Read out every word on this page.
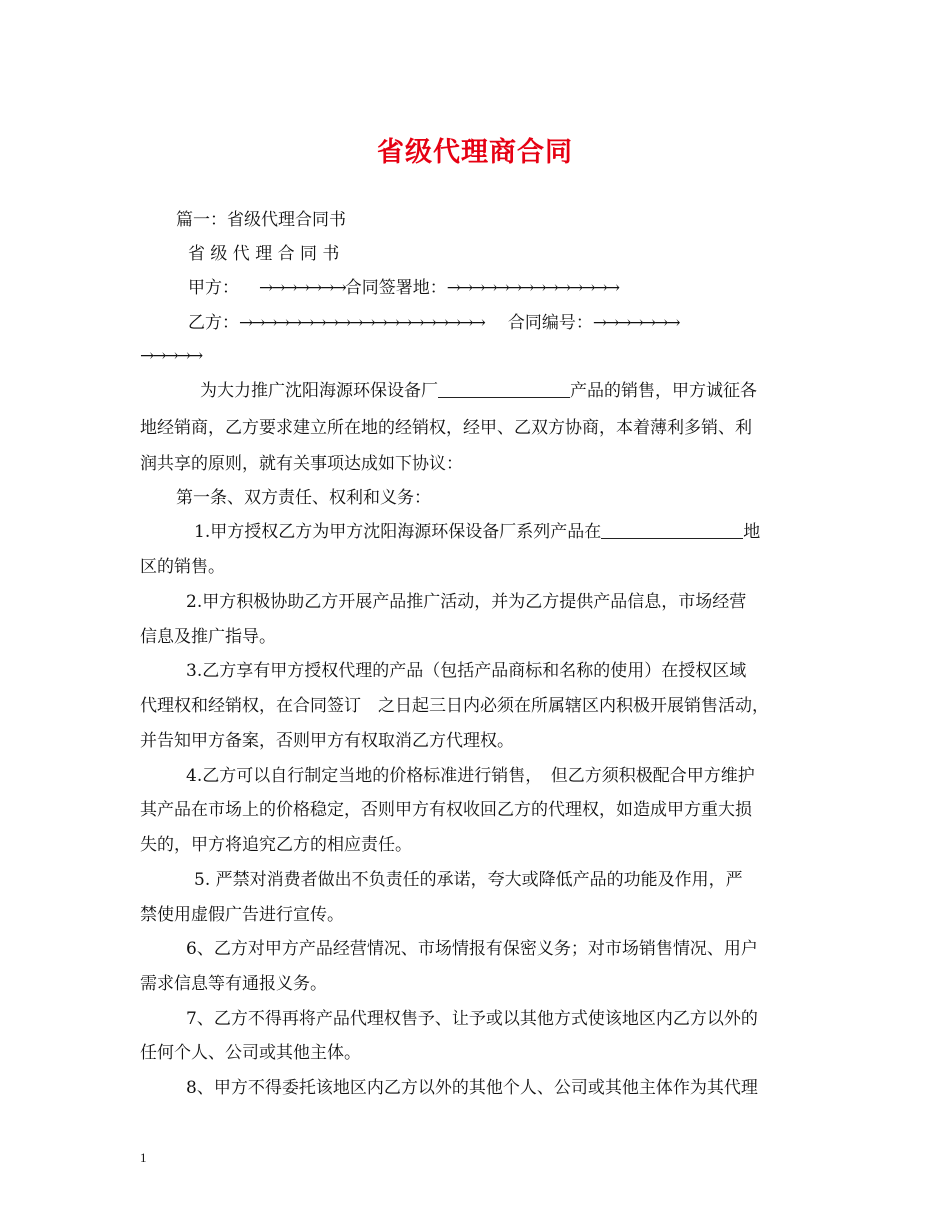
省级代理商合同
篇一：省级代理合同书
省 级 代 理 合 同 书
甲方： →→→→→→→合同签署地：→→→→→→→→→→→→→→
乙方：→→→→→→→→→→→→→→→→→→→→ 合同编号：→→→→→→→
→→→→→
为大力推广沈阳海源环保设备厂	产品的销售，甲方诚征各
地经销商，乙方要求建立所在地的经销权，经甲、乙双方协商，本着薄利多销、利
润共享的原则，就有关事项达成如下协议：
第一条、双方责任、权利和义务：
1.甲方授权乙方为甲方沈阳海源环保设备厂系列产品在	地
区的销售。
2.甲方积极协助乙方开展产品推广活动，并为乙方提供产品信息，市场经营
信息及推广指导。
3.乙方享有甲方授权代理的产品（包括产品商标和名称的使用）在授权区域
代理权和经销权，在合同签订　之日起三日内必须在所属辖区内积极开展销售活动，
并告知甲方备案，否则甲方有权取消乙方代理权。
4.乙方可以自行制定当地的价格标准进行销售，　但乙方须积极配合甲方维护
其产品在市场上的价格稳定，否则甲方有权收回乙方的代理权，如造成甲方重大损
失的，甲方将追究乙方的相应责任。
5. 严禁对消费者做出不负责任的承诺，夸大或降低产品的功能及作用，严
禁使用虚假广告进行宣传。
6、乙方对甲方产品经营情况、市场情报有保密义务；对市场销售情况、用户
需求信息等有通报义务。
7、乙方不得再将产品代理权售予、让予或以其他方式使该地区内乙方以外的
任何个人、公司或其他主体。
8、甲方不得委托该地区内乙方以外的其他个人、公司或其他主体作为其代理
1
